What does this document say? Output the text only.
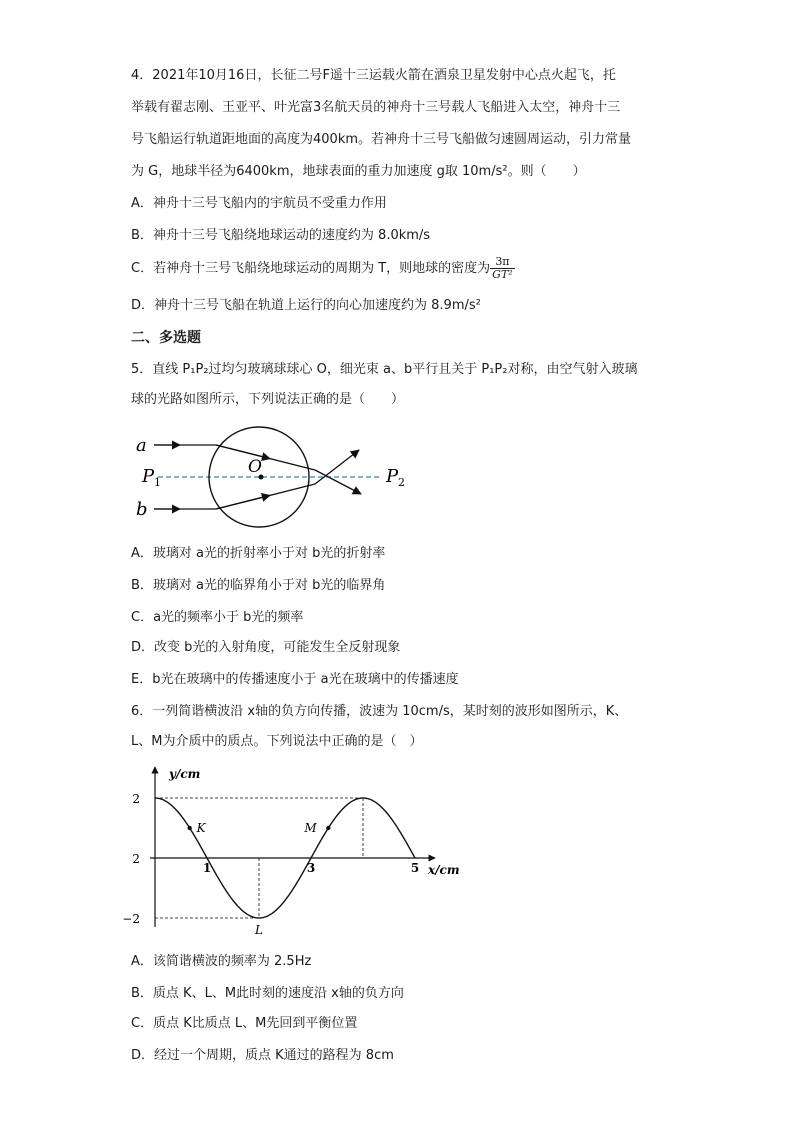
4．2021年10月16日，长征二号F遥十三运载火箭在酒泉卫星发射中心点火起飞，托
举载有翟志刚、王亚平、叶光富3名航天员的神舟十三号载人飞船进入太空，神舟十三
号飞船运行轨道距地面的高度为400km。若神舟十三号飞船做匀速圆周运动，引力常量
为 G，地球半径为6400km，地球表面的重力加速度 g取 10m/s²。则（　　）
A．神舟十三号飞船内的宇航员不受重力作用
B．神舟十三号飞船绕地球运动的速度约为 8.0km/s
C．若神舟十三号飞船绕地球运动的周期为 T，则地球的密度为 $\frac{3\pi}{\text{GT²}}$
D．神舟十三号飞船在轨道上运行的向心加速度约为 8.9m/s²
二、多选题
5．直线 P₁P₂过均匀玻璃球球心 O，细光束 a、b平行且关于 P₁P₂对称，由空气射入玻璃
球的光路如图所示，下列说法正确的是（　　）
a
b
P 1
O	P 2
A．玻璃对 a光的折射率小于对 b光的折射率
B．玻璃对 a光的临界角小于对 b光的临界角
C．a光的频率小于 b光的频率
D．改变 b光的入射角度，可能发生全反射现象
E．b光在玻璃中的传播速度小于 a光在玻璃中的传播速度
6．一列简谐横波沿 x轴的负方向传播，波速为 10cm/s，某时刻的波形如图所示，K、
L、M为介质中的质点。下列说法中正确的是（　）
y/cm
x/cm
2
2
−2
1	3	5
K
L
M
A．该简谐横波的频率为 2.5Hz
B．质点 K、L、M此时刻的速度沿 x轴的负方向
C．质点 K比质点 L、M先回到平衡位置
D．经过一个周期，质点 K通过的路程为 8cm
